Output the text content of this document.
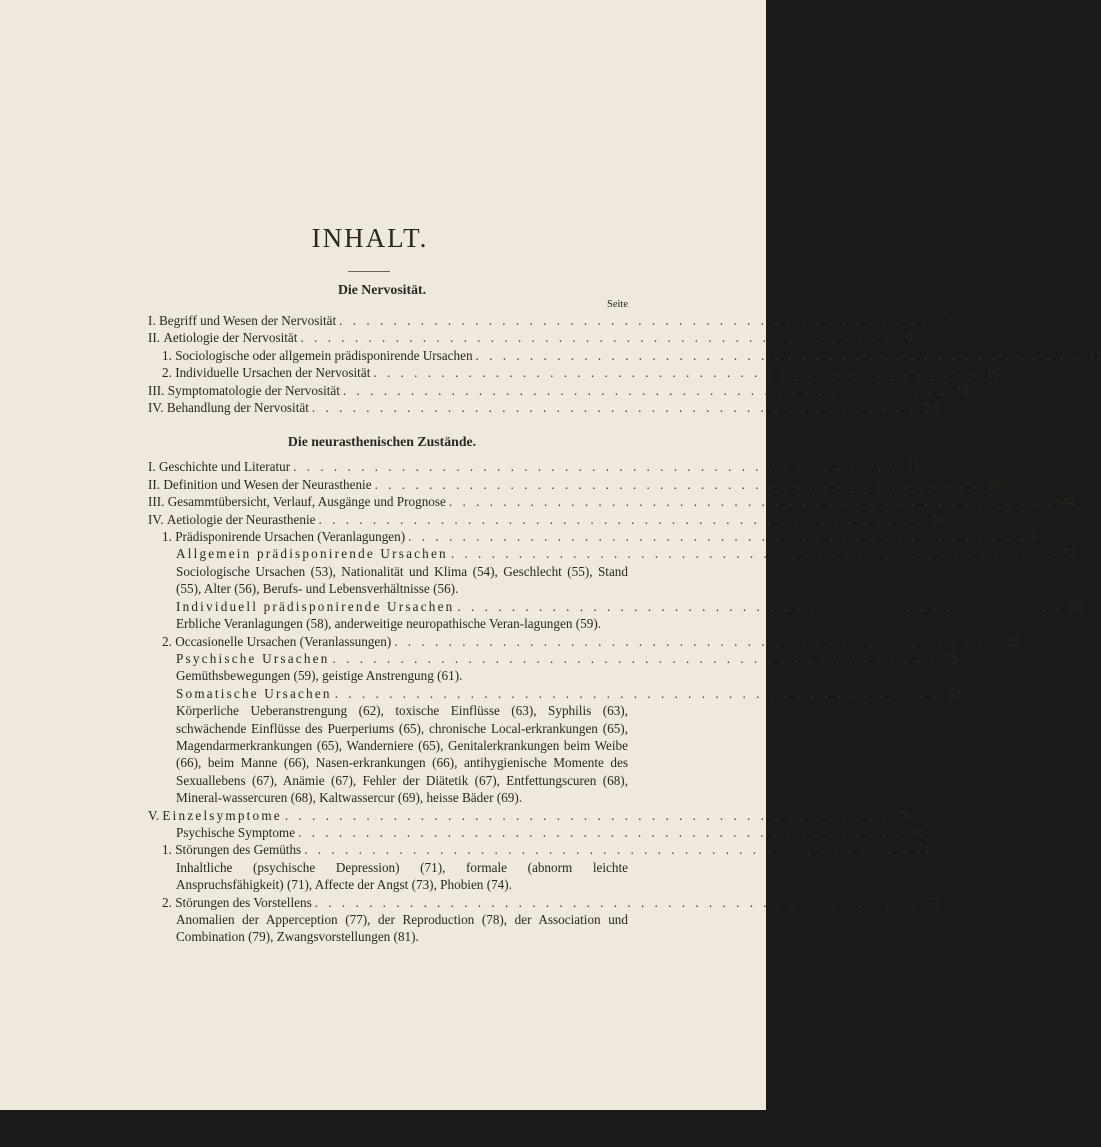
INHALT.
Die Nervosität.
Seite
I.
Begriff und Wesen der Nervosität . . . . . . . . . . . . . . . . . . . . . . . . . . . . . . . . . . . . . . . . . . . .	3
II.
Aetiologie der Nervosität . . . . . . . . . . . . . . . . . . . . . . . . . . . . . . . . . . . . . . . . . . . .	9
1.
Sociologische oder allgemein prädisponirende Ursachen . . . . . . . . . . . . . . . . . . . . . . . . . . . . . . . . . . . . . . . . . . . . . 11
2.
Individuelle Ursachen der Nervosität . . . . . . . . . . . . . . . . . . . . . . . . . . . . . . . . . . . . . . . . . . . . . 16
III.
Symptomatologie der Nervosität . . . . . . . . . . . . . . . . . . . . . . . . . . . . . . . . . . . . . . . . . . . . . 19
IV.
Behandlung der Nervosität . . . . . . . . . . . . . . . . . . . . . . . . . . . . . . . . . . . . . . . . . . . . . 23
Die neurasthenischen Zustände.
I.
Geschichte und Literatur . . . . . . . . . . . . . . . . . . . . . . . . . . . . . . . . . . . . . . . . . . . . . 33
II.
Definition und Wesen der Neurasthenie . . . . . . . . . . . . . . . . . . . . . . . . . . . . . . . . . . . . . . . . . . . . . 36
III.
Gesammtübersicht, Verlauf, Ausgänge und Prognose . . . . . . . . . . . . . . . . . . . . . . . . . . . . . . . . . . . . . . . . . . . . . 44
IV.
Aetiologie der Neurasthenie . . . . . . . . . . . . . . . . . . . . . . . . . . . . . . . . . . . . . . . . . . . . . 50
1.
Prädisponirende Ursachen (Veranlagungen) . . . . . . . . . . . . . . . . . . . . . . . . . . . . . . . . . . . . . . . . . . . . . 53
Allgemein prädisponirende Ursachen . . . . . . . . . . . . . . . . . . . . . . . . . . . . . . . . . . . . . . . . . . . . . 53
Sociologische Ursachen (53), Nationalität und Klima (54), Geschlecht (55), Stand (55), Alter (56), Berufs- und Lebensverhältnisse (56).
Individuell prädisponirende Ursachen . . . . . . . . . . . . . . . . . . . . . . . . . . . . . . . . . . . . . . . . . . . . . 58
Erbliche Veranlagungen (58), anderweitige neuropathische Veran-lagungen (59).
2.
Occasionelle Ursachen (Veranlassungen) . . . . . . . . . . . . . . . . . . . . . . . . . . . . . . . . . . . . . . . . . . . . . 59
Psychische Ursachen . . . . . . . . . . . . . . . . . . . . . . . . . . . . . . . . . . . . . . . . . . . . . 59
Gemüthsbewegungen (59), geistige Anstrengung (61).
Somatische Ursachen . . . . . . . . . . . . . . . . . . . . . . . . . . . . . . . . . . . . . . . . . . . . . 62
Körperliche Ueberanstrengung (62), toxische Einflüsse (63), Syphilis (63), schwächende Einflüsse des Puerperiums (65), chronische Local-erkrankungen (65), Magendarmerkrankungen (65), Wanderniere (65), Genitalerkrankungen beim Weibe (66), beim Manne (66), Nasen-erkrankungen (66), antihygienische Momente des Sexuallebens (67), Anämie (67), Fehler der Diätetik (67), Entfettungscuren (68), Mineral-wassercuren (68), Kaltwassercur (69), heisse Bäder (69).
V.
Einzelsymptome . . . . . . . . . . . . . . . . . . . . . . . . . . . . . . . . . . . . . . . . . . . . . 70
Psychische Symptome . . . . . . . . . . . . . . . . . . . . . . . . . . . . . . . . . . . . . . . . . . . . . 70
1.
Störungen des Gemüths . . . . . . . . . . . . . . . . . . . . . . . . . . . . . . . . . . . . . . . . . . . . . 71
Inhaltliche (psychische Depression) (71), formale (abnorm leichte Anspruchsfähigkeit) (71), Affecte der Angst (73), Phobien (74).
2.
Störungen des Vorstellens . . . . . . . . . . . . . . . . . . . . . . . . . . . . . . . . . . . . . . . . . . . . . 77
Anomalien der Apperception (77), der Reproduction (78), der Association und Combination (79), Zwangsvorstellungen (81).
